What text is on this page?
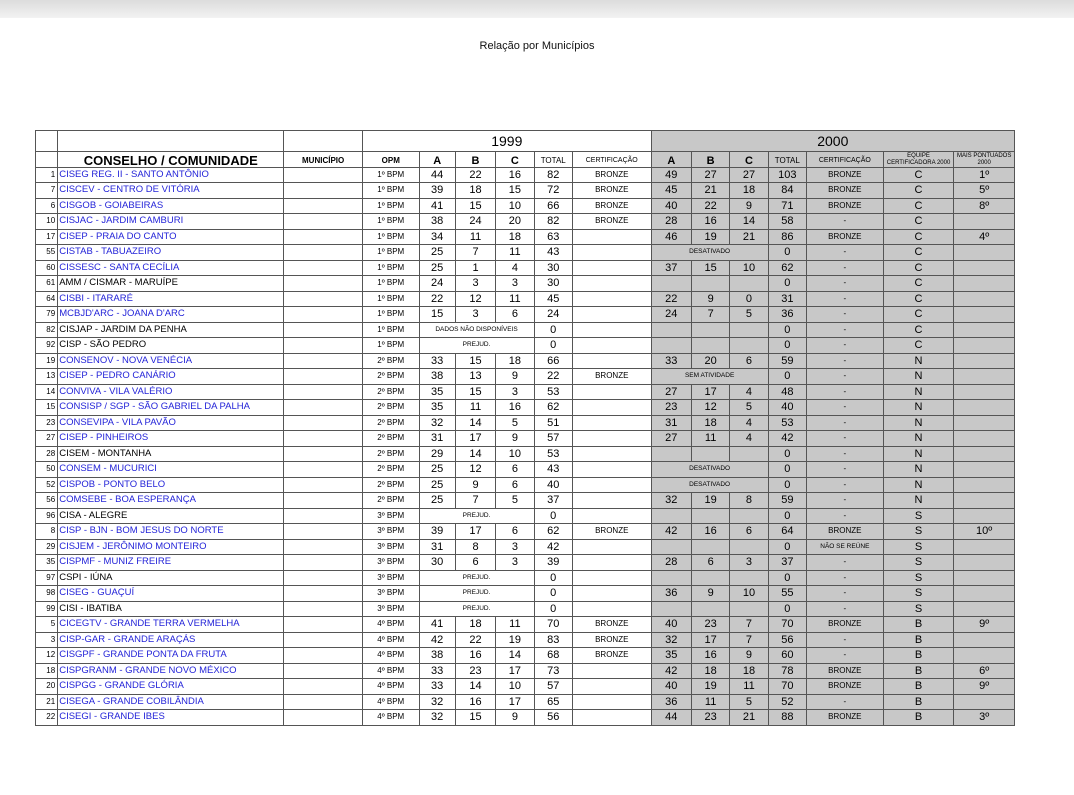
Relação por Municípios
			1999						2000						
	CONSELHO / COMUNIDADE	MUNICÍPIO	OPM	A	B	C	TOTAL	CERTIFICAÇÃO	A	B	C	TOTAL	CERTIFICAÇÃO	EQUIPE CERTIFICADORA 2000	MAIS PONTUADOS 2000
1	CISEG REG. II - SANTO ANTÔNIO		1º BPM	44	22	16	82	BRONZE	49	27	27	103	BRONZE	C	1º
7	CISCEV - CENTRO DE VITÓRIA		1º BPM	39	18	15	72	BRONZE	45	21	18	84	BRONZE	C	5º
6	CISGOB - GOIABEIRAS		1º BPM	41	15	10	66	BRONZE	40	22	9	71	BRONZE	C	8º
10	CISJAC - JARDIM CAMBURI		1º BPM	38	24	20	82	BRONZE	28	16	14	58	-	C	
17	CISEP - PRAIA DO CANTO		1º BPM	34	11	18	63		46	19	21	86	BRONZE	C	4º
55	CISTAB - TABUAZEIRO		1º BPM	25	7	11	43		DESATIVADO			0	-	C	
60	CISSESC - SANTA CECÍLIA		1º BPM	25	1	4	30		37	15	10	62	-	C	
61	AMM / CISMAR - MARUÍPE		1º BPM	24	3	3	30					0	-	C	
64	CISBI - ITARARÉ		1º BPM	22	12	11	45		22	9	0	31	-	C	
79	MCBJD'ARC - JOANA D'ARC		1º BPM	15	3	6	24		24	7	5	36	-	C	
82	CISJAP - JARDIM DA PENHA		1º BPM	DADOS NÃO DISPONÍVEIS			0					0	-	C	
92	CISP - SÃO PEDRO		1º BPM	PREJUD.			0					0	-	C	
19	CONSENOV - NOVA VENÉCIA		2º BPM	33	15	18	66		33	20	6	59	-	N	
13	CISEP - PEDRO CANÁRIO		2º BPM	38	13	9	22	BRONZE	SEM ATIVIDADE			0	-	N	
14	CONVIVA - VILA VALÉRIO		2º BPM	35	15	3	53		27	17	4	48	-	N	
15	CONSISP / SGP - SÃO GABRIEL DA PALHA		2º BPM	35	11	16	62		23	12	5	40	-	N	
23	CONSEVIPA - VILA PAVÃO		2º BPM	32	14	5	51		31	18	4	53	-	N	
27	CISEP - PINHEIROS		2º BPM	31	17	9	57		27	11	4	42	-	N	
28	CISEM - MONTANHA		2º BPM	29	14	10	53					0	-	N	
50	CONSEM - MUCURICI		2º BPM	25	12	6	43		DESATIVADO			0	-	N	
52	CISPOB - PONTO BELO		2º BPM	25	9	6	40		DESATIVADO			0	-	N	
56	COMSEBE - BOA ESPERANÇA		2º BPM	25	7	5	37		32	19	8	59	-	N	
96	CISA - ALEGRE		3º BPM	PREJUD.			0					0	-	S	
8	CISP - BJN - BOM JESUS DO NORTE		3º BPM	39	17	6	62	BRONZE	42	16	6	64	BRONZE	S	10º
29	CISJEM - JERÔNIMO MONTEIRO		3º BPM	31	8	3	42					0	NÃO SE REÚNE	S	
35	CISPMF - MUNIZ FREIRE		3º BPM	30	6	3	39		28	6	3	37	-	S	
97	CSPI - IÚNA		3º BPM	PREJUD.			0					0	-	S	
98	CISEG - GUAÇUÍ		3º BPM	PREJUD.			0		36	9	10	55	-	S	
99	CISI - IBATIBA		3º BPM	PREJUD.			0					0	-	S	
5	CICEGTV - GRANDE TERRA VERMELHA		4º BPM	41	18	11	70	BRONZE	40	23	7	70	BRONZE	B	9º
3	CISP-GAR - GRANDE ARAÇÁS		4º BPM	42	22	19	83	BRONZE	32	17	7	56	-	B	
12	CISGPF - GRANDE PONTA DA FRUTA		4º BPM	38	16	14	68	BRONZE	35	16	9	60	-	B	
18	CISPGRANM - GRANDE NOVO MÉXICO		4º BPM	33	23	17	73		42	18	18	78	BRONZE	B	6º
20	CISPGG - GRANDE GLÓRIA		4º BPM	33	14	10	57		40	19	11	70	BRONZE	B	9º
21	CISEGA - GRANDE COBILÂNDIA		4º BPM	32	16	17	65		36	11	5	52	-	B	
22	CISEGI - GRANDE IBES		4º BPM	32	15	9	56		44	23	21	88	BRONZE	B	3º
